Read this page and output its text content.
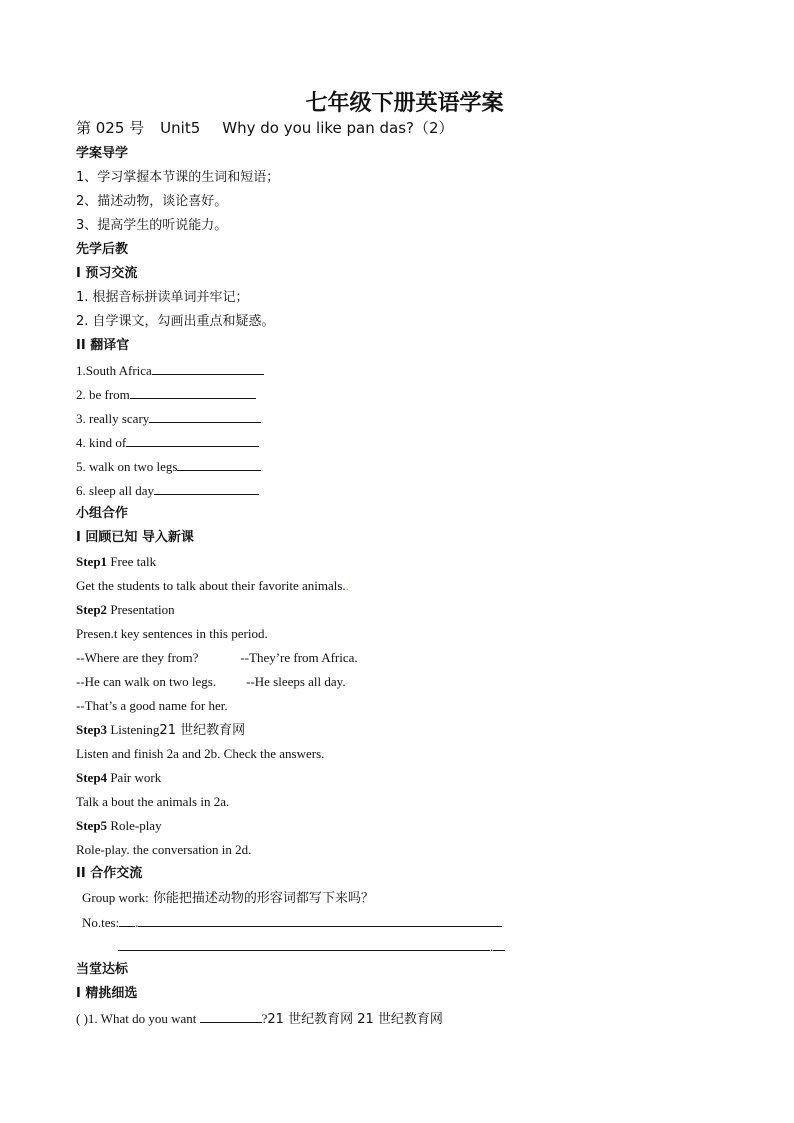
七年级下册英语学案
第 025 号 Unit5 Why do you like pan das?（2）
学案导学
1、学习掌握本节课的生词和短语；
2、描述动物，谈论喜好。
3、提高学生的听说能力。
先学后教
I 预习交流
1. 根据音标拼读单词并牢记；
2. 自学课文，勾画出重点和疑惑。
II 翻译官
1.South Africa
2. be from
3. really scary
4. kind of
5. walk on two legs
6. sleep all day
小组合作
I 回顾已知 导入新课
Step1 Free talk
Get the students to talk about their favorite animals..
Step2 Presentation
Presen.t key sentences in this period.
--Where are they from?	--They’re from Africa.
--He can walk on two legs. --He sleeps all day.
--That’s a good name for her.
Step3 Listening21 世纪教育网
Listen and finish 2a and 2b. Check the answers.
Step4 Pair work
Talk a bout the animals in 2a.
Step5 Role-play
Role-play. the conversation in 2d.
II 合作交流
Group work: 你能把描述动物的形容词都写下来吗？
No.tes: .
.
当堂达标
I 精挑细选
( )1. What do you want	?21 世纪教育网 21 世纪教育网
